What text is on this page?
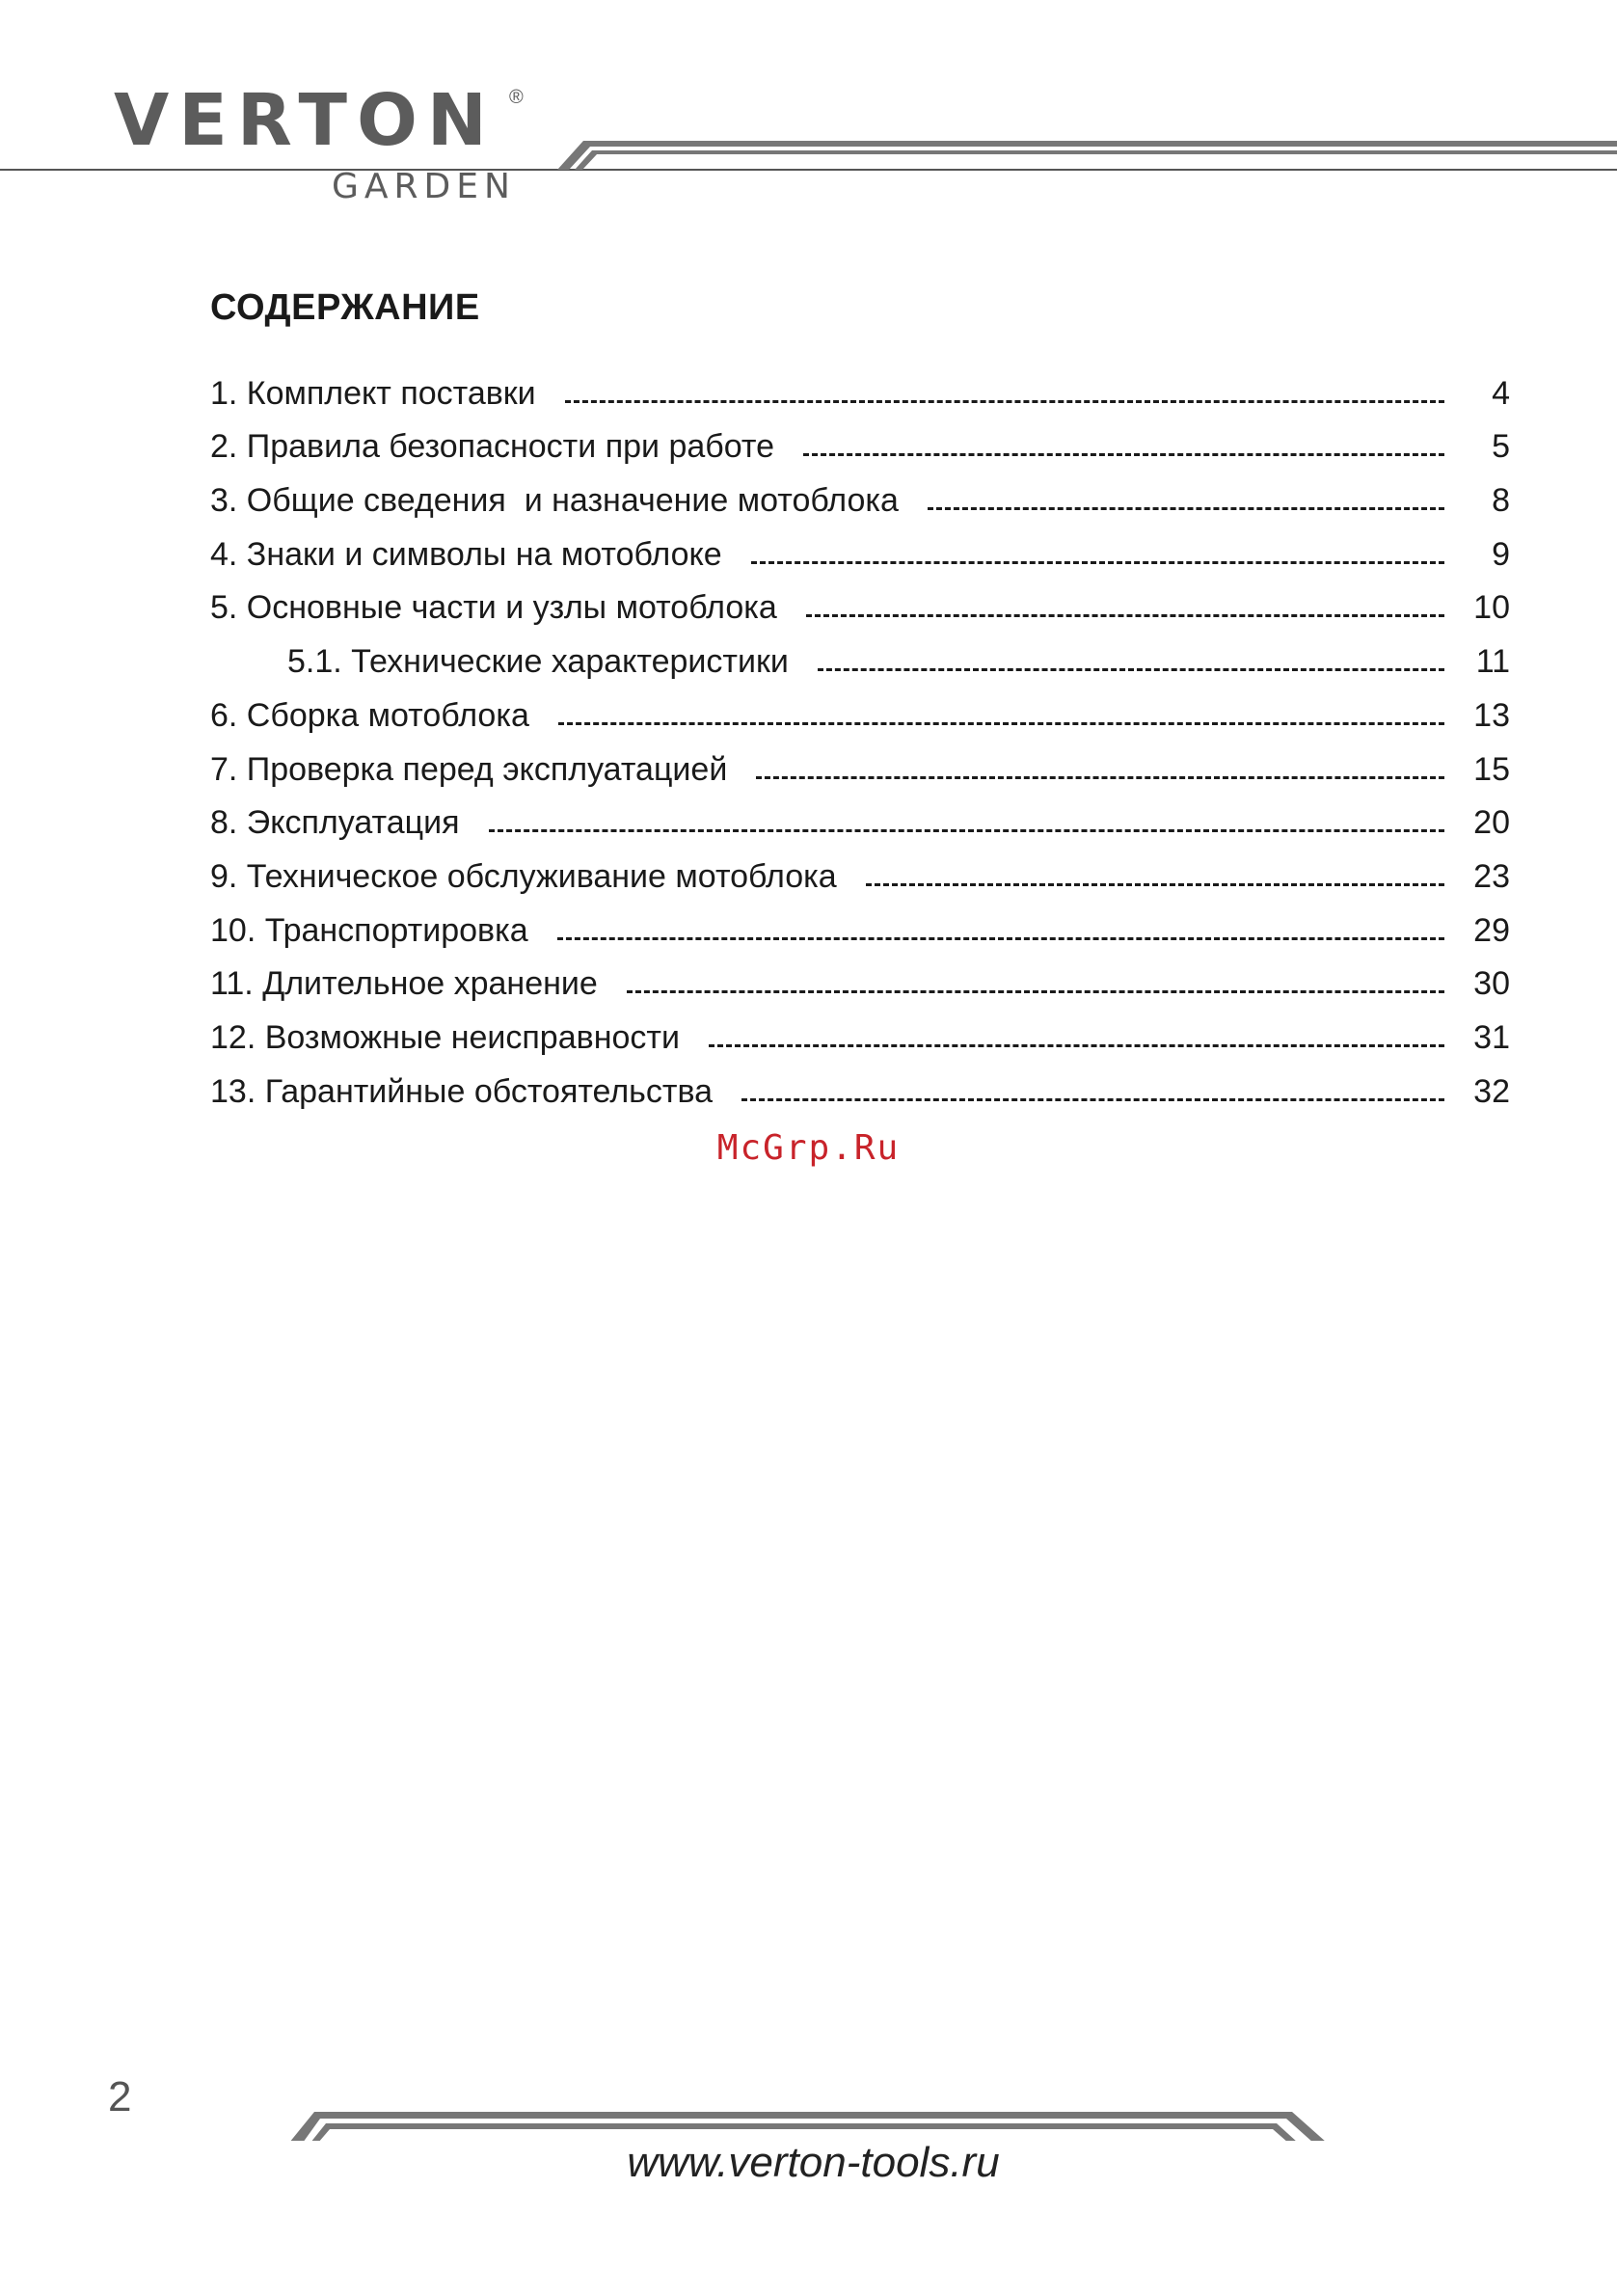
VERTON ®
GARDEN
СОДЕРЖАНИЕ
1. Комплект поставки	4
2. Правила безопасности при работе	5
3. Общие сведения  и назначение мотоблока	8
4. Знаки и символы на мотоблоке	9
5. Основные части и узлы мотоблока	10
5.1. Технические характеристики	11
6. Сборка мотоблока	13
7. Проверка перед эксплуатацией	15
8. Эксплуатация	20
9. Техническое обслуживание мотоблока	23
10. Транспортировка	29
11. Длительное хранение	30
12. Возможные неисправности	31
13. Гарантийные обстоятельства	32
McGrp.Ru
2
www.verton-tools.ru
